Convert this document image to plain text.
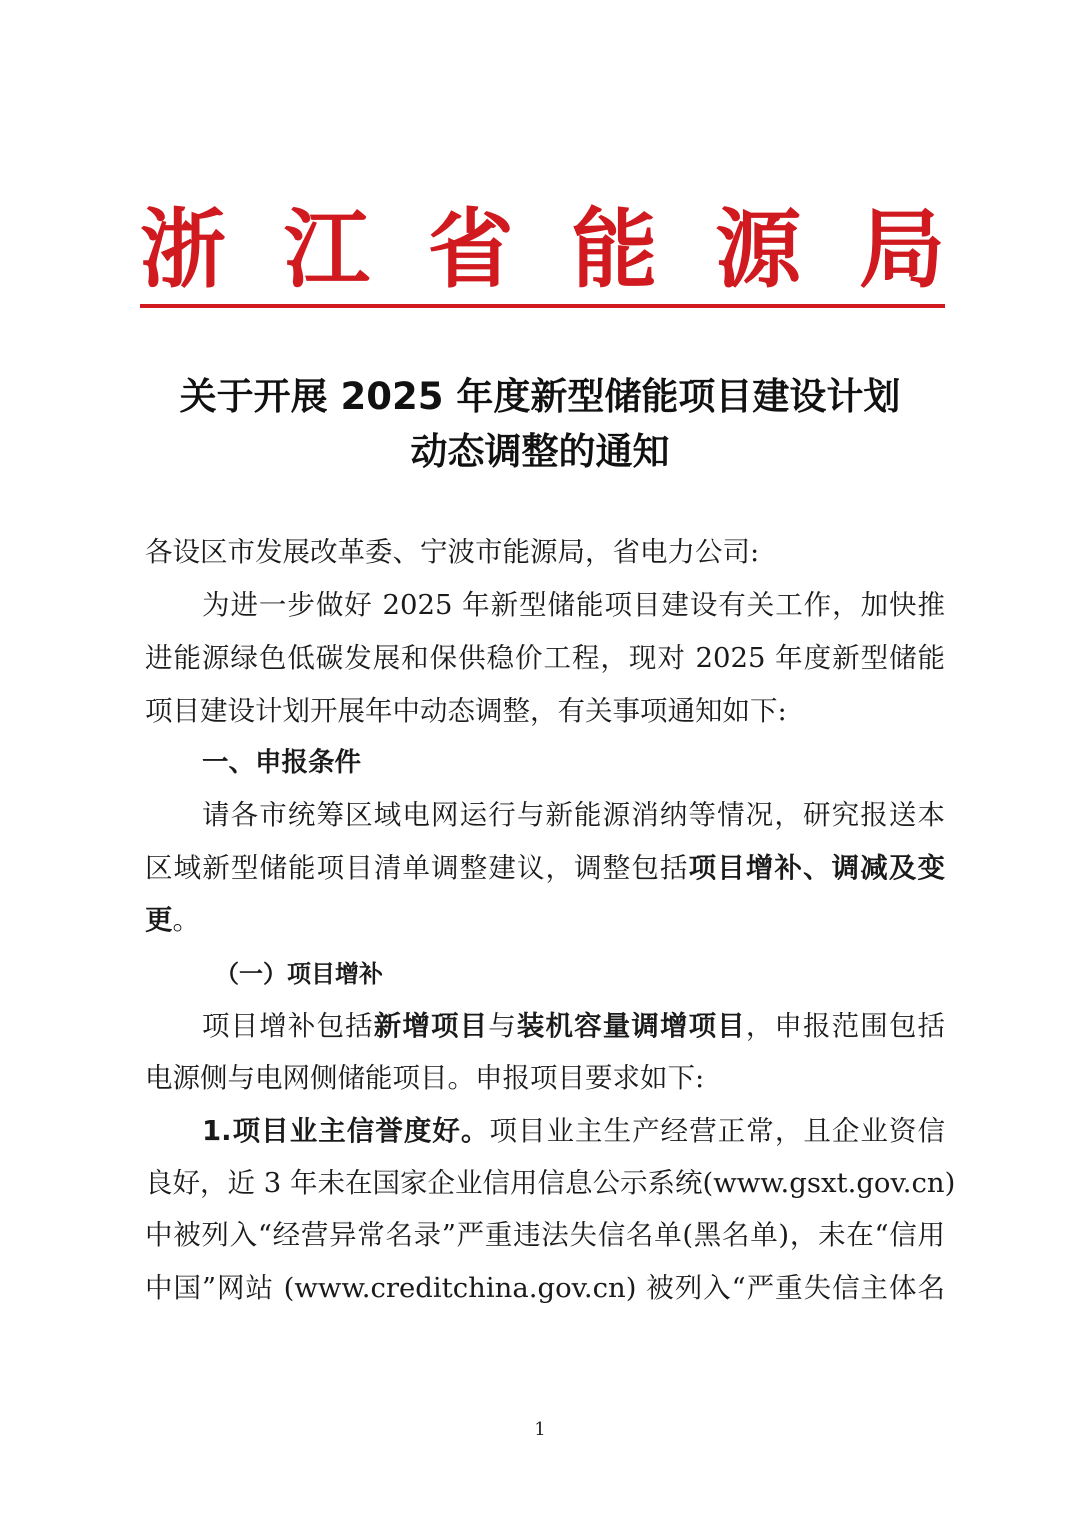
浙 江 省 能 源 局
关于开展 2025 年度新型储能项目建设计划
动态调整的通知
各设区市发展改革委、宁波市能源局，省电力公司:
为进一步做好 2025 年新型储能项目建设有关工作，加快推
进能源绿色低碳发展和保供稳价工程，现对 2025 年度新型储能
项目建设计划开展年中动态调整，有关事项通知如下:
一、申报条件
请各市统筹区域电网运行与新能源消纳等情况，研究报送本
区域新型储能项目清单调整建议，调整包括项目增补、调减及变
更。
（一）项目增补
项目增补包括新增项目与装机容量调增项目，申报范围包括
电源侧与电网侧储能项目。申报项目要求如下:
1.项目业主信誉度好。项目业主生产经营正常，且企业资信
良好，近 3 年未在国家企业信用信息公示系统(www.gsxt.gov.cn)
中被列入“经营异常名录”严重违法失信名单(黑名单)，未在“信用
中国”网站 (www.creditchina.gov.cn) 被列入“严重失信主体名
1
